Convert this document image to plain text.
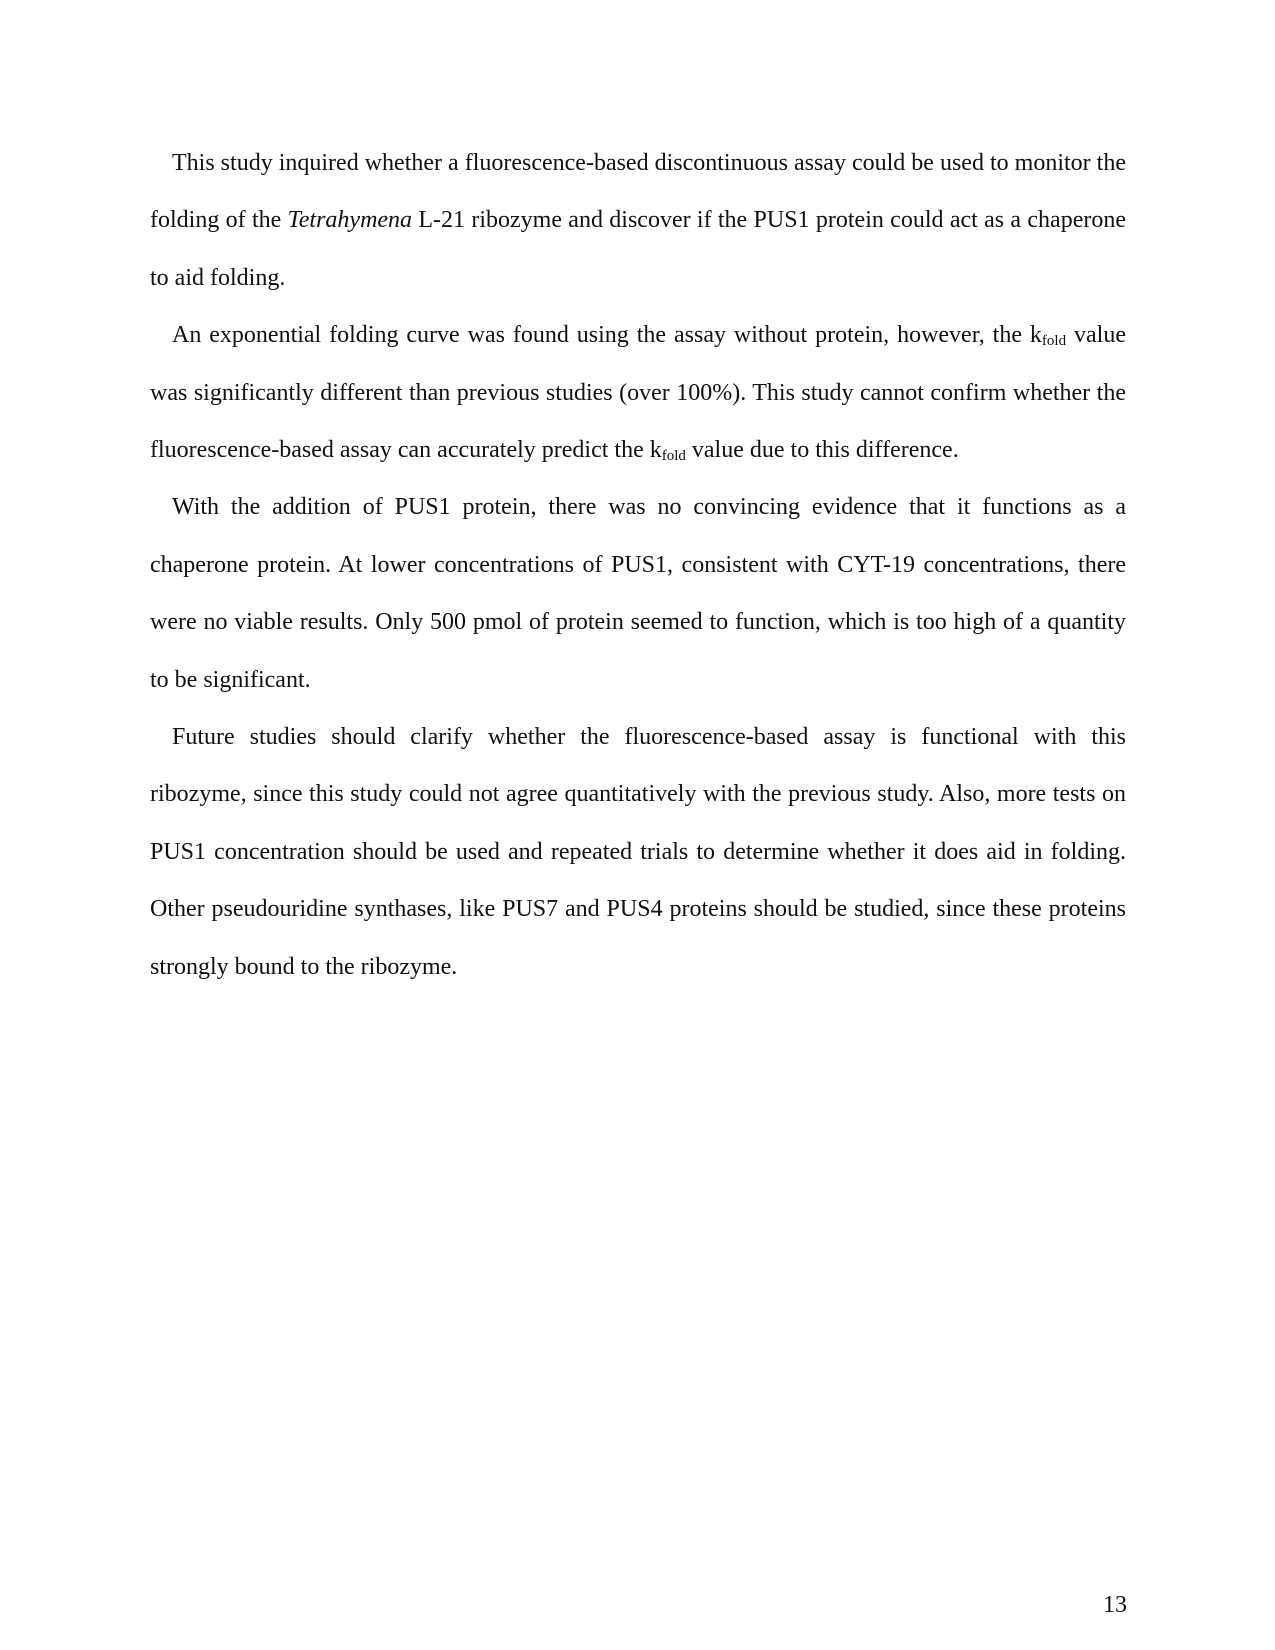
This study inquired whether a fluorescence-based discontinuous assay could be used to monitor the folding of the Tetrahymena L-21 ribozyme and discover if the PUS1 protein could act as a chaperone to aid folding.

An exponential folding curve was found using the assay without protein, however, the $k_{fold}$ value was significantly different than previous studies (over 100%). This study cannot confirm whether the fluorescence-based assay can accurately predict the $k_{fold}$ value due to this difference.

With the addition of PUS1 protein, there was no convincing evidence that it functions as a chaperone protein. At lower concentrations of PUS1, consistent with CYT-19 concentrations, there were no viable results. Only 500 pmol of protein seemed to function, which is too high of a quantity to be significant.

Future studies should clarify whether the fluorescence-based assay is functional with this ribozyme, since this study could not agree quantitatively with the previous study. Also, more tests on PUS1 concentration should be used and repeated trials to determine whether it does aid in folding. Other pseudouridine synthases, like PUS7 and PUS4 proteins should be studied, since these proteins strongly bound to the ribozyme.

13
